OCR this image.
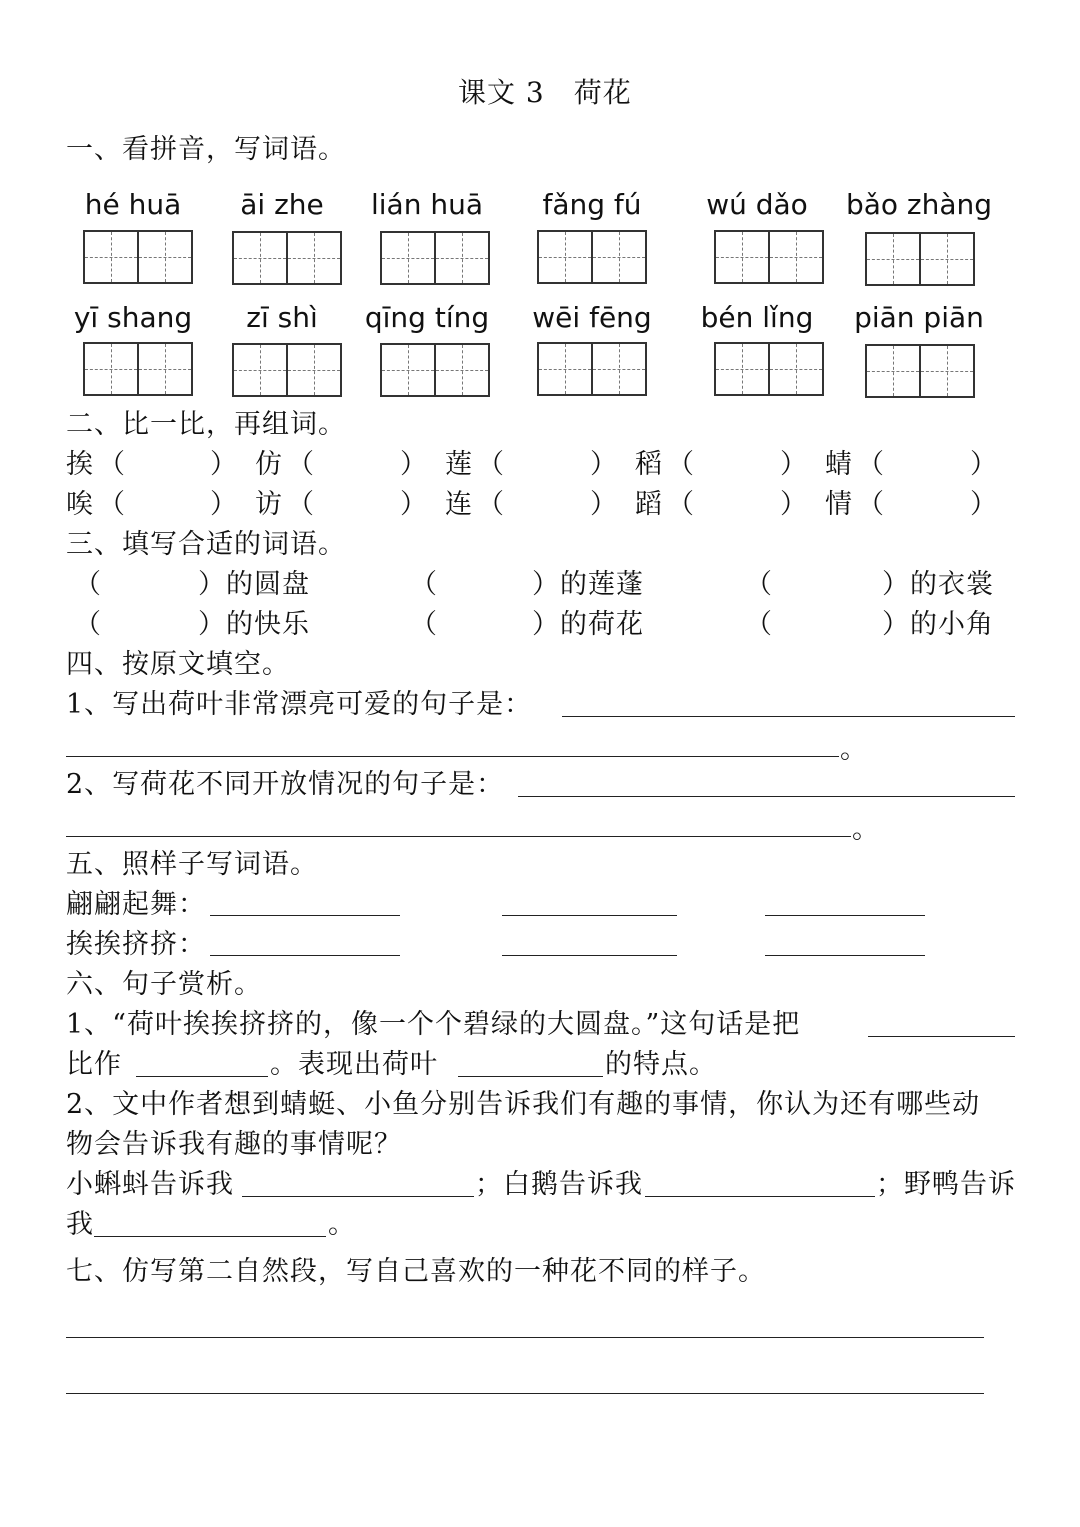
课文 3　荷花
一、看拼音，写词语。
hé huā	āi zhe	lián huā	fǎng fú	wú dǎo	bǎo zhàng
yī shang	zī shì	qīng tíng	wēi fēng	bén lǐng	piān piān
二、比一比，再组词。
挨 （	） 仿 （	） 莲 （	） 稻 （	） 蜻 （	）
唉 （	） 访 （	） 连 （	） 蹈 （	） 情 （	）
三、填写合适的词语。
（	）的圆盘	（	）的莲蓬	（	）的衣裳
（	）的快乐	（	）的荷花	（	）的小角
四、按原文填空。
1、写出荷叶非常漂亮可爱的句子是：
。
2、写荷花不同开放情况的句子是：
。
五、照样子写词语。
翩翩起舞：
挨挨挤挤：
六、句子赏析。
1、“荷叶挨挨挤挤的，像一个个碧绿的大圆盘。”这句话是把
比作	。表现出荷叶	的特点。
2、文中作者想到蜻蜓、小鱼分别告诉我们有趣的事情，你认为还有哪些动
物会告诉我有趣的事情呢？
小蝌蚪告诉我	；白鹅告诉我	；野鸭告诉
我	。
七、仿写第二自然段，写自己喜欢的一种花不同的样子。
